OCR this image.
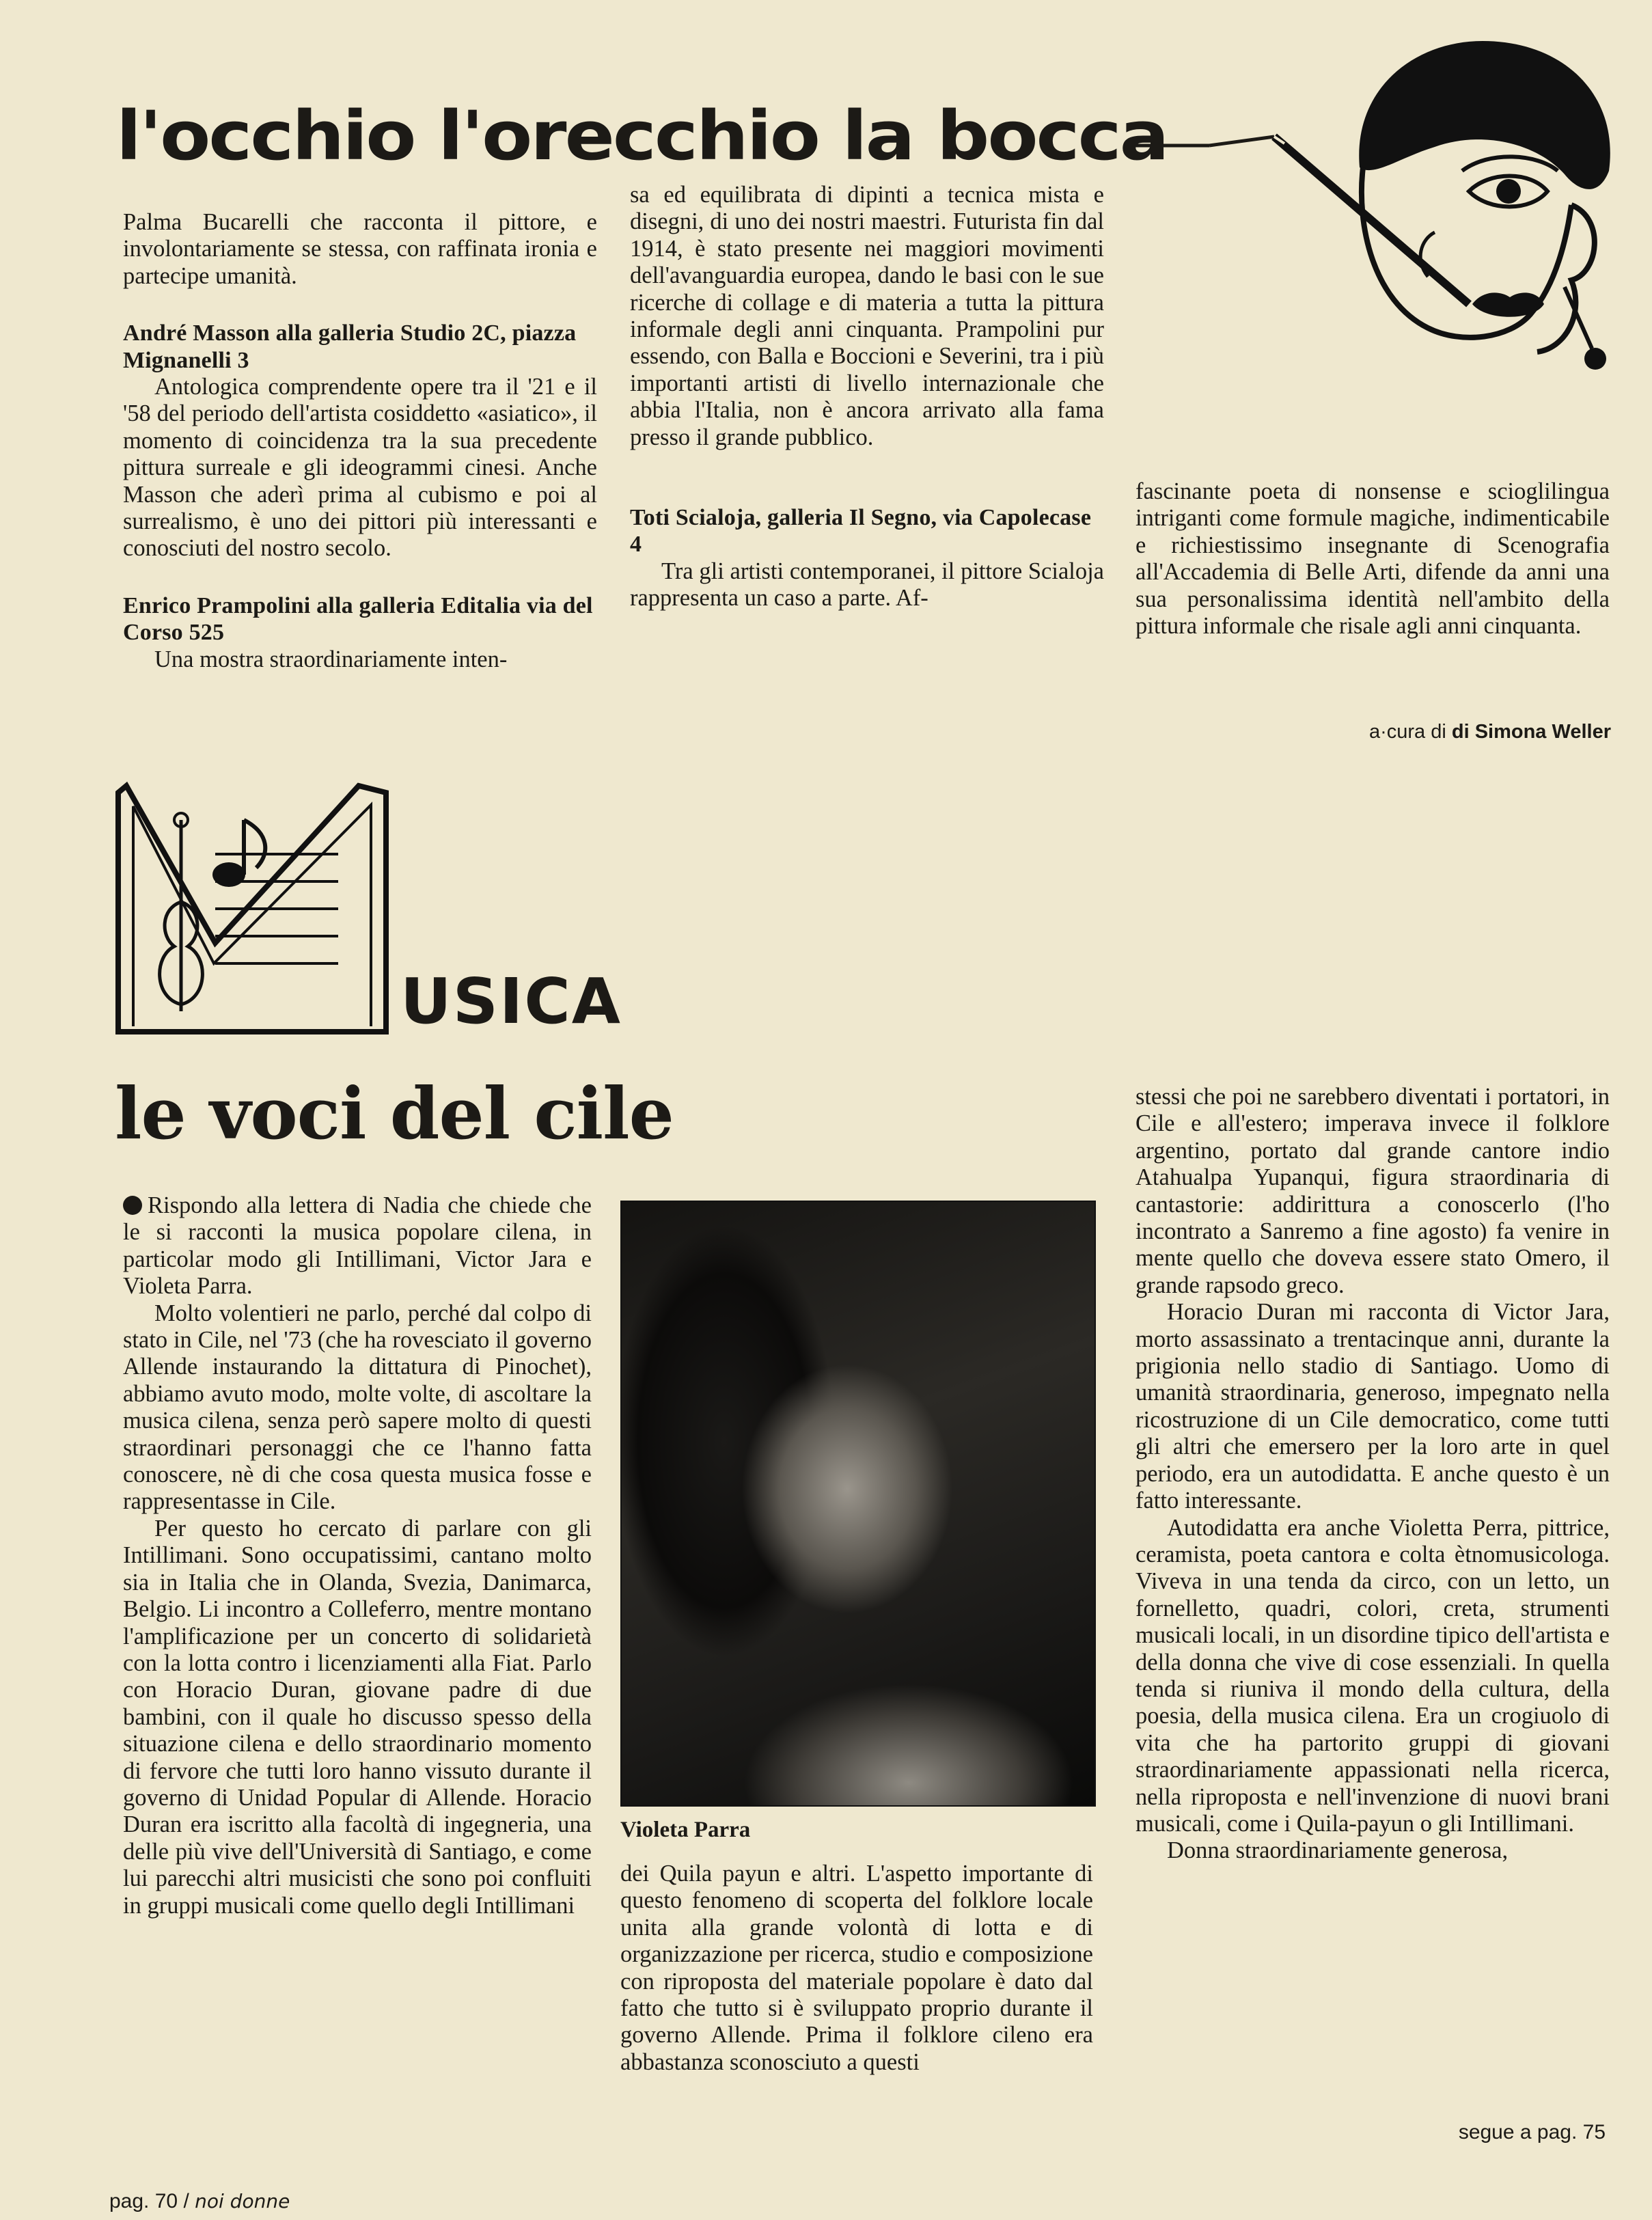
l'occhio l'orecchio la bocca

Palma Bucarelli che racconta il pittore, e involontariamente se stessa, con raffinata ironia e partecipe umanità.

André Masson alla galleria Studio 2C, piazza Mignanelli 3

Antologica comprendente opere tra il '21 e il '58 del periodo dell'artista cosiddetto «asiatico», il momento di coincidenza tra la sua precedente pittura surreale e gli ideogrammi cinesi. Anche Masson che aderì prima al cubismo e poi al surrealismo, è uno dei pittori più interessanti e conosciuti del nostro secolo.

Enrico Prampolini alla galleria Editalia via del Corso 525

Una mostra straordinariamente inten-

sa ed equilibrata di dipinti a tecnica mista e disegni, di uno dei nostri maestri. Futurista fin dal 1914, è stato presente nei maggiori movimenti dell'avanguardia europea, dando le basi con le sue ricerche di collage e di materia a tutta la pittura informale degli anni cinquanta. Prampolini pur essendo, con Balla e Boccioni e Severini, tra i più importanti artisti di livello internazionale che abbia l'Italia, non è ancora arrivato alla fama presso il grande pubblico.

Toti Scialoja, galleria Il Segno, via Capolecase 4

Tra gli artisti contemporanei, il pittore Scialoja rappresenta un caso a parte. Af-

fascinante poeta di nonsense e scioglilingua intriganti come formule magiche, indimenticabile e richiestissimo insegnante di Scenografia all'Accademia di Belle Arti, difende da anni una sua personalissima identità nell'ambito della pittura informale che risale agli anni cinquanta.

a·cura di di Simona Weller
USICA
le voci del cile

Rispondo alla lettera di Nadia che chiede che le si racconti la musica popolare cilena, in particolar modo gli Intillimani, Victor Jara e Violeta Parra.

Molto volentieri ne parlo, perché dal colpo di stato in Cile, nel '73 (che ha rovesciato il governo Allende instaurando la dittatura di Pinochet), abbiamo avuto modo, molte volte, di ascoltare la musica cilena, senza però sapere molto di questi straordinari personaggi che ce l'hanno fatta conoscere, nè di che cosa questa musica fosse e rappresentasse in Cile.

Per questo ho cercato di parlare con gli Intillimani. Sono occupatissimi, cantano molto sia in Italia che in Olanda, Svezia, Danimarca, Belgio. Li incontro a Colleferro, mentre montano l'amplificazione per un concerto di solidarietà con la lotta contro i licenziamenti alla Fiat. Parlo con Horacio Duran, giovane padre di due bambini, con il quale ho discusso spesso della situazione cilena e dello straordinario momento di fervore che tutti loro hanno vissuto durante il governo di Unidad Popular di Allende. Horacio Duran era iscritto alla facoltà di ingegneria, una delle più vive dell'Università di Santiago, e come lui parecchi altri musicisti che sono poi confluiti in gruppi musicali come quello degli Intillimani

Violeta Parra

dei Quila payun e altri. L'aspetto importante di questo fenomeno di scoperta del folklore locale unita alla grande volontà di lotta e di organizzazione per ricerca, studio e composizione con riproposta del materiale popolare è dato dal fatto che tutto si è sviluppato proprio durante il governo Allende. Prima il folklore cileno era abbastanza sconosciuto a questi

stessi che poi ne sarebbero diventati i portatori, in Cile e all'estero; imperava invece il folklore argentino, portato dal grande cantore indio Atahualpa Yupanqui, figura straordinaria di cantastorie: addirittura a conoscerlo (l'ho incontrato a Sanremo a fine agosto) fa venire in mente quello che doveva essere stato Omero, il grande rapsodo greco.

Horacio Duran mi racconta di Victor Jara, morto assassinato a trentacinque anni, durante la prigionia nello stadio di Santiago. Uomo di umanità straordinaria, generoso, impegnato nella ricostruzione di un Cile democratico, come tutti gli altri che emersero per la loro arte in quel periodo, era un autodidatta. E anche questo è un fatto interessante.

Autodidatta era anche Violetta Perra, pittrice, ceramista, poeta cantora e colta ètnomusicologa. Viveva in una tenda da circo, con un letto, un fornelletto, quadri, colori, creta, strumenti musicali locali, in un disordine tipico dell'artista e della donna che vive di cose essenziali. In quella tenda si riuniva il mondo della cultura, della poesia, della musica cilena. Era un crogiuolo di vita che ha partorito gruppi di giovani straordinariamente appassionati nella ricerca, nella riproposta e nell'invenzione di nuovi brani musicali, come i Quila-payun o gli Intillimani.

Donna straordinariamente generosa,

segue a pag. 75
pag. 70 / noi donne
